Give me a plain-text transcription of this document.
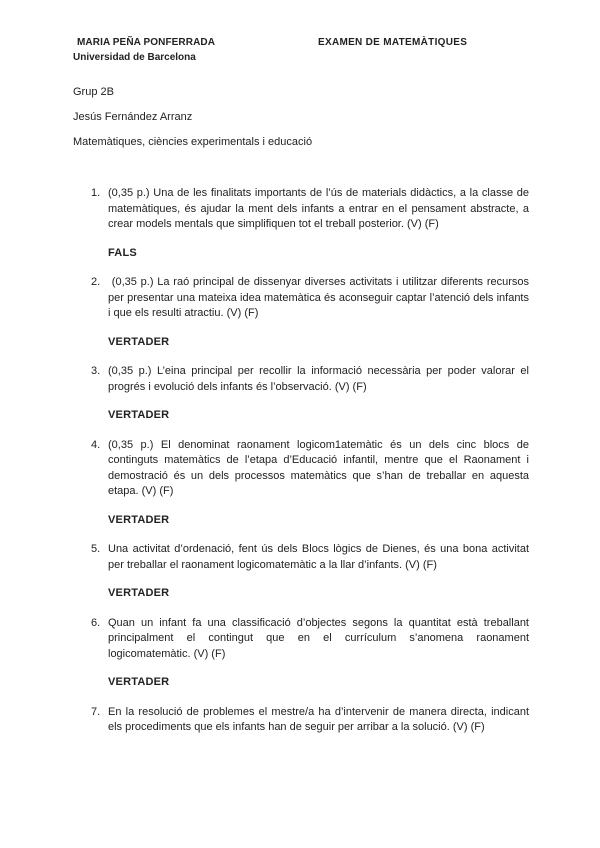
MARIA PEÑA PONFERRADA	EXAMEN DE MATEMÀTIQUES
Universidad de Barcelona
Grup 2B
Jesús Fernández Arranz
Matemàtiques, ciències experimentals i educació
1. (0,35 p.) Una de les finalitats importants de l’ús de materials didàctics, a la classe de matemàtiques, és ajudar la ment dels infants a entrar en el pensament abstracte, a crear models mentals que simplifiquen tot el treball posterior. (V) (F)
FALS
2. (0,35 p.) La raó principal de dissenyar diverses activitats i utilitzar diferents recursos per presentar una mateixa idea matemàtica és aconseguir captar l’atenció dels infants i que els resulti atractiu. (V) (F)
VERTADER
3. (0,35 p.) L’eina principal per recollir la informació necessària per poder valorar el progrés i evolució dels infants és l’observació. (V) (F)
VERTADER
4. (0,35 p.) El denominat raonament logicom1atemàtic és un dels cinc blocs de continguts matemàtics de l’etapa d’Educació infantil, mentre que el Raonament i demostració és un dels processos matemàtics que s’han de treballar en aquesta etapa. (V) (F)
VERTADER
5. Una activitat d’ordenació, fent ús dels Blocs lògics de Dienes, és una bona activitat per treballar el raonament logicomatemàtic a la llar d’infants. (V) (F)
VERTADER
6. Quan un infant fa una classificació d’objectes segons la quantitat està treballant principalment el contingut que en el currículum s’anomena raonament logicomatemàtic. (V) (F)
VERTADER
7. En la resolució de problemes el mestre/a ha d’intervenir de manera directa, indicant els procediments que els infants han de seguir per arribar a la solució. (V) (F)
